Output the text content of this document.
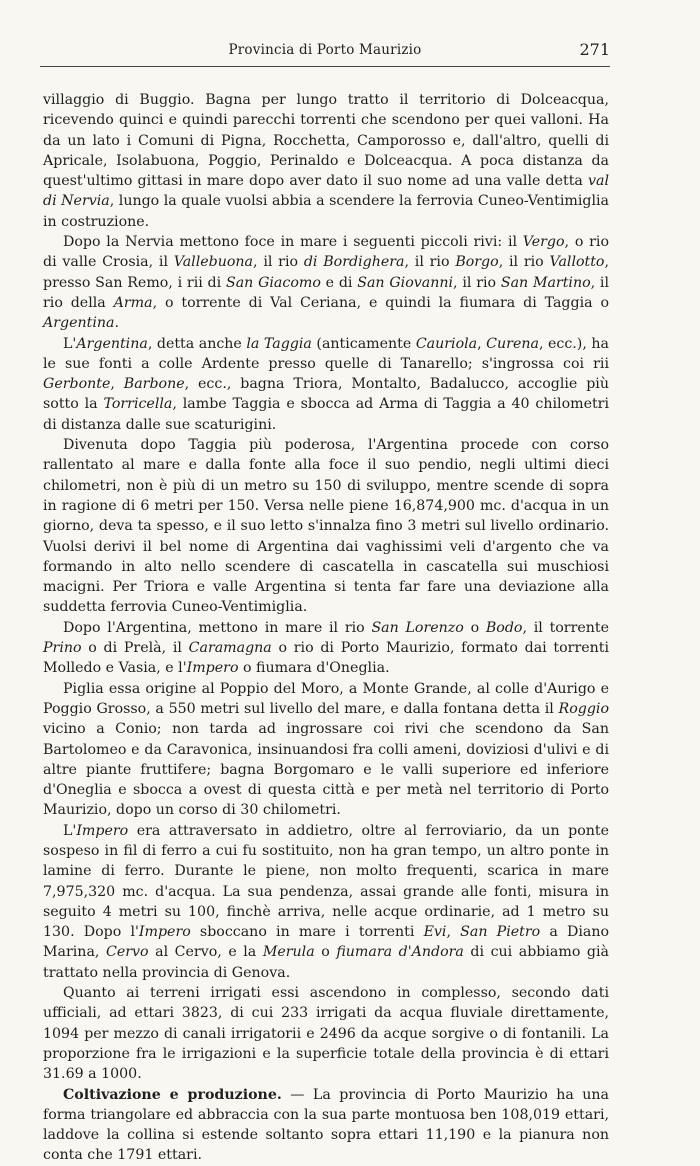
Provincia di Porto Maurizio	271

villaggio di Buggio. Bagna per lungo tratto il territorio di Dolceacqua, ricevendo quinci e quindi parecchi torrenti che scendono per quei valloni. Ha da un lato i Comuni di Pigna, Rocchetta, Camporosso e, dall'altro, quelli di Apricale, Isolabuona, Poggio, Perinaldo e Dolceacqua. A poca distanza da quest'ultimo gittasi in mare dopo aver dato il suo nome ad una valle detta val di Nervia, lungo la quale vuolsi abbia a scendere la ferrovia Cuneo-Ventimiglia in costruzione.

Dopo la Nervia mettono foce in mare i seguenti piccoli rivi: il Vergo, o rio di valle Crosia, il Vallebuona, il rio di Bordighera, il rio Borgo, il rio Vallotto, presso San Remo, i rii di San Giacomo e di San Giovanni, il rio San Martino, il rio della Arma, o torrente di Val Ceriana, e quindi la fiumara di Taggia o Argentina.

L'Argentina, detta anche la Taggia (anticamente Cauriola, Curena, ecc.), ha le sue fonti a colle Ardente presso quelle di Tanarello; s'ingrossa coi rii Gerbonte, Barbone, ecc., bagna Triora, Montalto, Badalucco, accoglie più sotto la Torricella, lambe Taggia e sbocca ad Arma di Taggia a 40 chilometri di distanza dalle sue scaturigini.

Divenuta dopo Taggia più poderosa, l'Argentina procede con corso rallentato al mare e dalla fonte alla foce il suo pendio, negli ultimi dieci chilometri, non è più di un metro su 150 di sviluppo, mentre scende di sopra in ragione di 6 metri per 150. Versa nelle piene 16,874,900 mc. d'acqua in un giorno, deva ta spesso, e il suo letto s'innalza fino 3 metri sul livello ordinario. Vuolsi derivi il bel nome di Argentina dai vaghissimi veli d'argento che va formando in alto nello scendere di cascatella in cascatella sui muschiosi macigni. Per Triora e valle Argentina si tenta far fare una deviazione alla suddetta ferrovia Cuneo-Ventimiglia.

Dopo l'Argentina, mettono in mare il rio San Lorenzo o Bodo, il torrente Prino o di Prelà, il Caramagna o rio di Porto Maurizio, formato dai torrenti Molledo e Vasia, e l'Impero o fiumara d'Oneglia.

Piglia essa origine al Poppio del Moro, a Monte Grande, al colle d'Aurigo e Poggio Grosso, a 550 metri sul livello del mare, e dalla fontana detta il Roggio vicino a Conio; non tarda ad ingrossare coi rivi che scendono da San Bartolomeo e da Caravonica, insinuandosi fra colli ameni, doviziosi d'ulivi e di altre piante fruttifere; bagna Borgomaro e le valli superiore ed inferiore d'Oneglia e sbocca a ovest di questa città e per metà nel territorio di Porto Maurizio, dopo un corso di 30 chilometri.

L'Impero era attraversato in addietro, oltre al ferroviario, da un ponte sospeso in fil di ferro a cui fu sostituito, non ha gran tempo, un altro ponte in lamine di ferro. Durante le piene, non molto frequenti, scarica in mare 7,975,320 mc. d'acqua. La sua pendenza, assai grande alle fonti, misura in seguito 4 metri su 100, finchè arriva, nelle acque ordinarie, ad 1 metro su 130. Dopo l'Impero sboccano in mare i torrenti Evi, San Pietro a Diano Marina, Cervo al Cervo, e la Merula o fiumara d'Andora di cui abbiamo già trattato nella provincia di Genova.

Quanto ai terreni irrigati essi ascendono in complesso, secondo dati ufficiali, ad ettari 3823, di cui 233 irrigati da acqua fluviale direttamente, 1094 per mezzo di canali irrigatorii e 2496 da acque sorgive o di fontanili. La proporzione fra le irrigazioni e la superficie totale della provincia è di ettari 31.69 a 1000.

Coltivazione e produzione. — La provincia di Porto Maurizio ha una forma triangolare ed abbraccia con la sua parte montuosa ben 108,019 ettari, laddove la collina si estende soltanto sopra ettari 11,190 e la pianura non conta che 1791 ettari.
